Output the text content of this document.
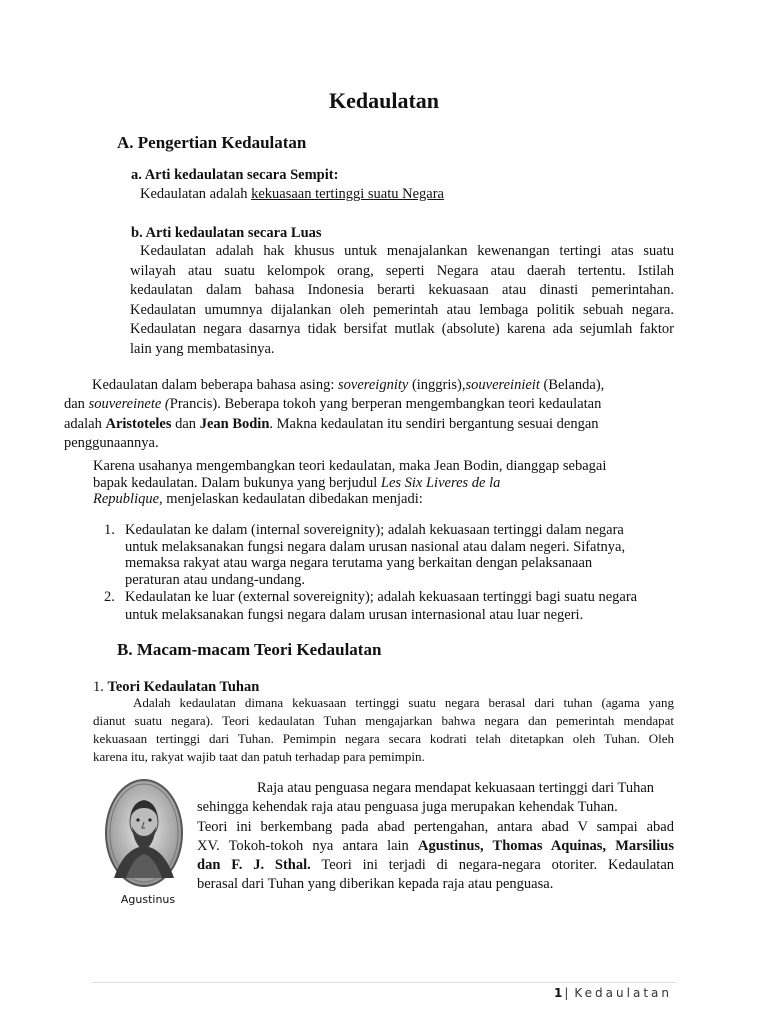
Kedaulatan
A. Pengertian Kedaulatan
a. Arti kedaulatan secara Sempit:
Kedaulatan adalah kekuasaan tertinggi suatu Negara
b. Arti kedaulatan secara Luas
Kedaulatan adalah hak khusus untuk menajalankan kewenangan tertingi atas suatu
wilayah atau suatu kelompok orang, seperti Negara atau daerah tertentu. Istilah
kedaulatan dalam bahasa Indonesia berarti kekuasaan atau dinasti pemerintahan.
Kedaulatan umumnya dijalankan oleh pemerintah atau lembaga politik sebuah negara.
Kedaulatan negara dasarnya tidak bersifat mutlak (absolute) karena ada sejumlah faktor
lain yang membatasinya.
Kedaulatan dalam beberapa bahasa asing: sovereignity (inggris),souvereinieit (Belanda),
dan souvereinete (Prancis). Beberapa tokoh yang berperan mengembangkan teori kedaulatan
adalah Aristoteles dan Jean Bodin. Makna kedaulatan itu sendiri bergantung sesuai dengan
penggunaannya.
Karena usahanya mengembangkan teori kedaulatan, maka Jean Bodin, dianggap sebagai
bapak kedaulatan. Dalam bukunya yang berjudul Les Six Liveres de la
Republique, menjelaskan kedaulatan dibedakan menjadi:
1. Kedaulatan ke dalam (internal sovereignity); adalah kekuasaan tertinggi dalam negara
untuk melaksanakan fungsi negara dalam urusan nasional atau dalam negeri. Sifatnya,
memaksa rakyat atau warga negara terutama yang berkaitan dengan pelaksanaan
peraturan atau undang-undang.
2. Kedaulatan ke luar (external sovereignity); adalah kekuasaan tertinggi bagi suatu negara
untuk melaksanakan fungsi negara dalam urusan internasional atau luar negeri.
B. Macam-macam Teori Kedaulatan
1. Teori Kedaulatan Tuhan
Adalah kedaulatan dimana kekuasaan tertinggi suatu negara berasal dari tuhan (agama yang
dianut suatu negara). Teori kedaulatan Tuhan mengajarkan bahwa negara dan pemerintah mendapat
kekuasaan tertinggi dari Tuhan. Pemimpin negara secara kodrati telah ditetapkan oleh Tuhan. Oleh
karena itu, rakyat wajib taat dan patuh terhadap para pemimpin.
Agustinus
Raja atau penguasa negara mendapat kekuasaan tertinggi dari Tuhan
sehingga kehendak raja atau penguasa juga merupakan kehendak Tuhan.
Teori ini berkembang pada abad pertengahan, antara abad V sampai abad
XV. Tokoh-tokoh nya antara lain Agustinus, Thomas Aquinas, Marsilius
dan F. J. Sthal. Teori ini terjadi di negara-negara otoriter. Kedaulatan
berasal dari Tuhan yang diberikan kepada raja atau penguasa.
1 | Kedaulatan
